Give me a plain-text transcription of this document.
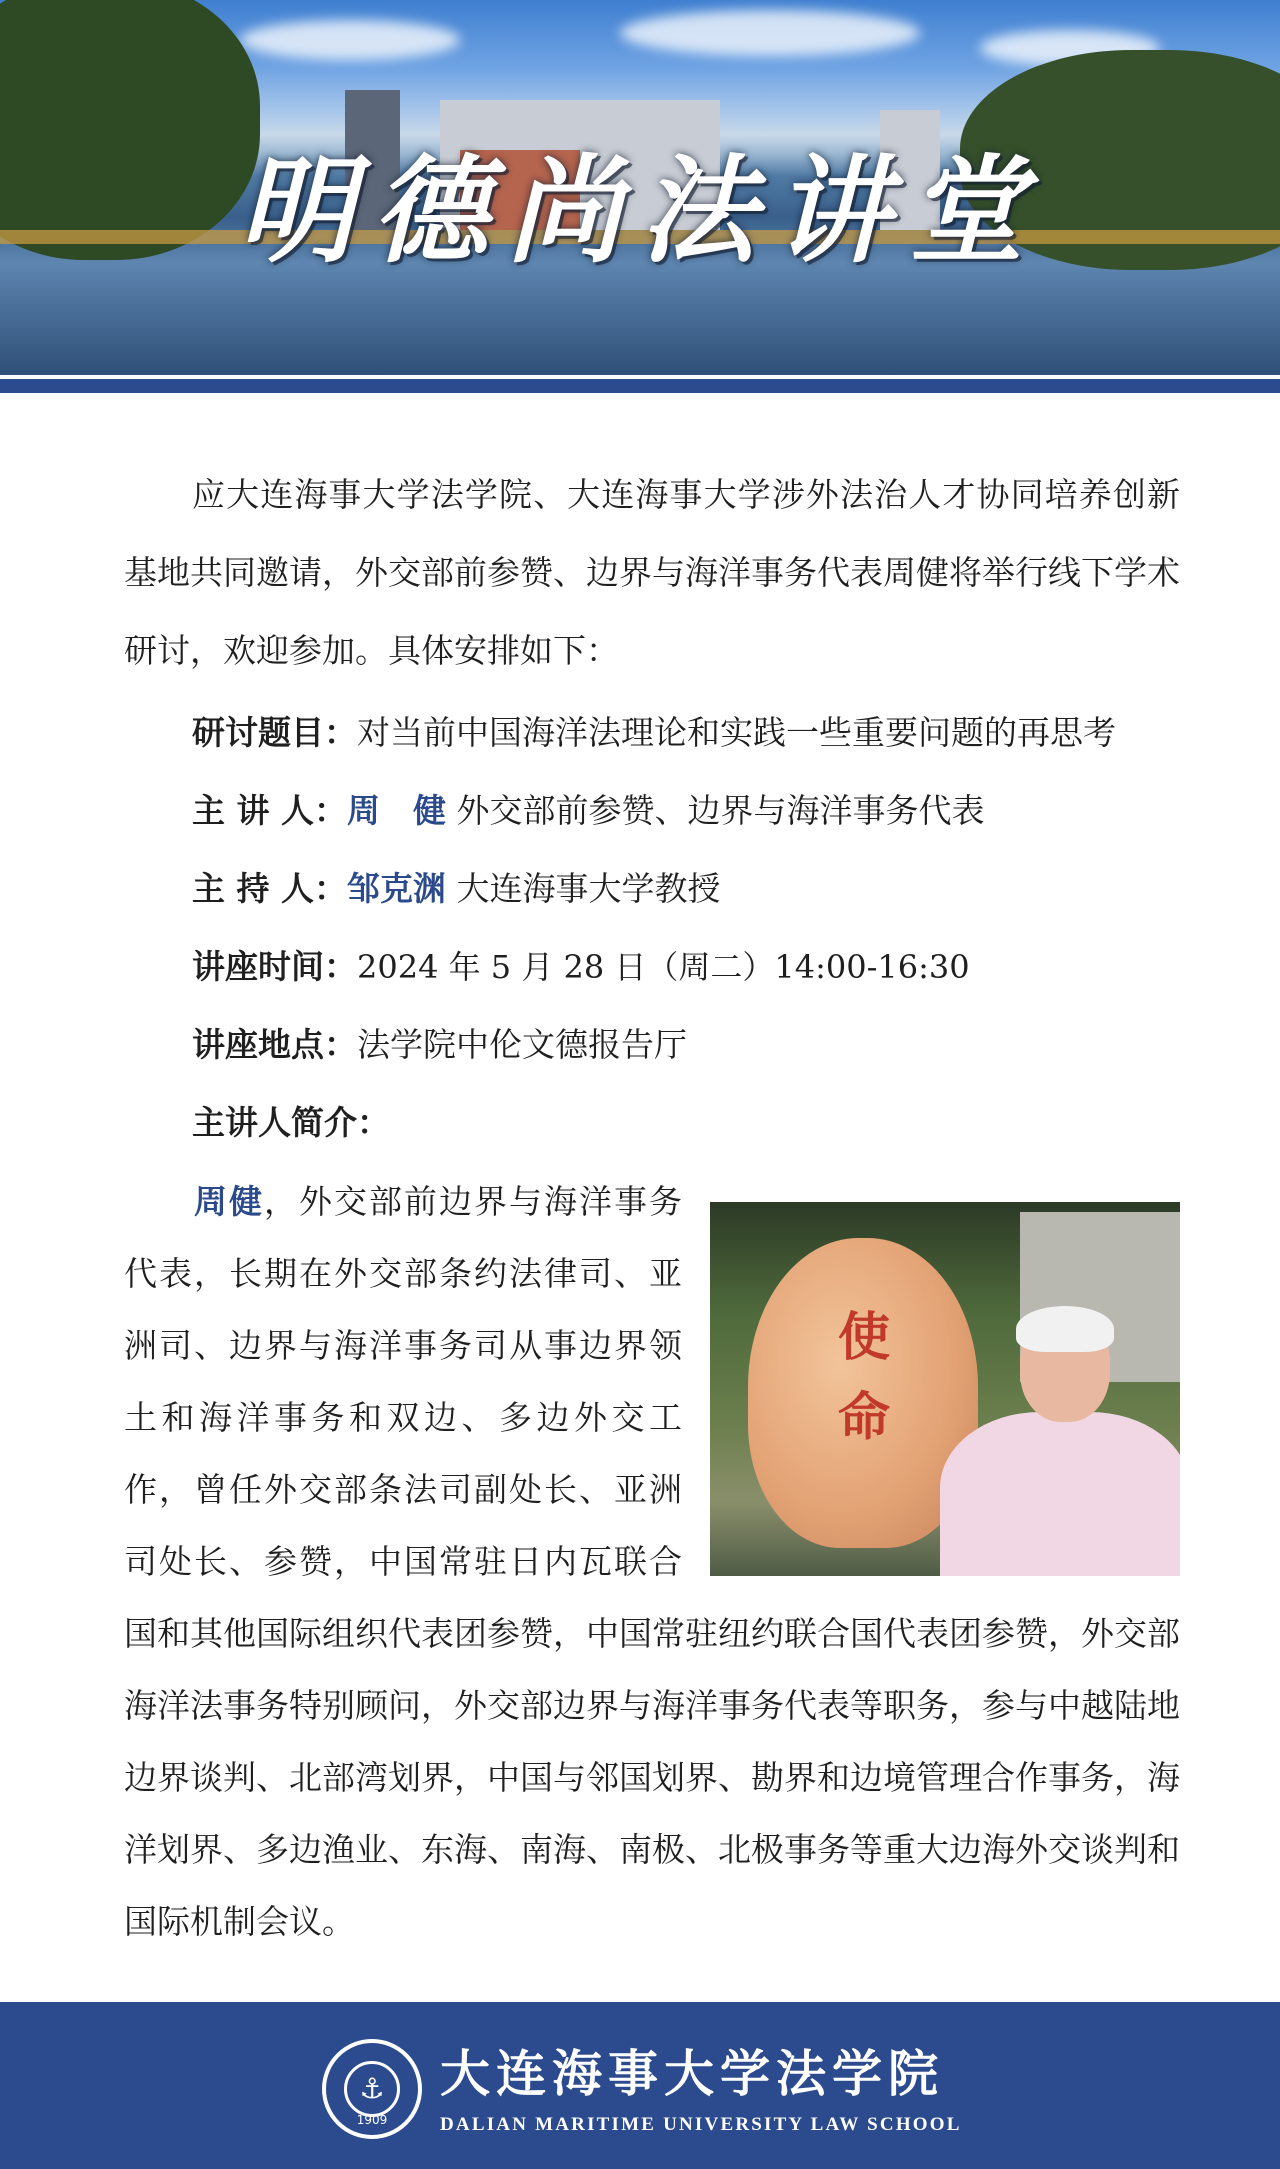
明德尚法讲堂
应大连海事大学法学院、大连海事大学涉外法治人才协同培养创新基地共同邀请，外交部前参赞、边界与海洋事务代表周健将举行线下学术研讨，欢迎参加。具体安排如下：
研讨题目：对当前中国海洋法理论和实践一些重要问题的再思考
主 讲 人：周　健 外交部前参赞、边界与海洋事务代表
主 持 人：邹克渊 大连海事大学教授
讲座时间：2024 年 5 月 28 日（周二）14:00-16:30
讲座地点：法学院中伦文德报告厅
主讲人简介：
使
命
周健，外交部前边界与海洋事务代表，长期在外交部条约法律司、亚洲司、边界与海洋事务司从事边界领土和海洋事务和双边、多边外交工作，曾任外交部条法司副处长、亚洲司处长、参赞，中国常驻日内瓦联合国和其他国际组织代表团参赞，中国常驻纽约联合国代表团参赞，外交部海洋法事务特别顾问，外交部边界与海洋事务代表等职务，参与中越陆地边界谈判、北部湾划界，中国与邻国划界、勘界和边境管理合作事务，海洋划界、多边渔业、东海、南海、南极、北极事务等重大边海外交谈判和国际机制会议。
⚓
1909
大连海事大学法学院
DALIAN MARITIME UNIVERSITY LAW SCHOOL
